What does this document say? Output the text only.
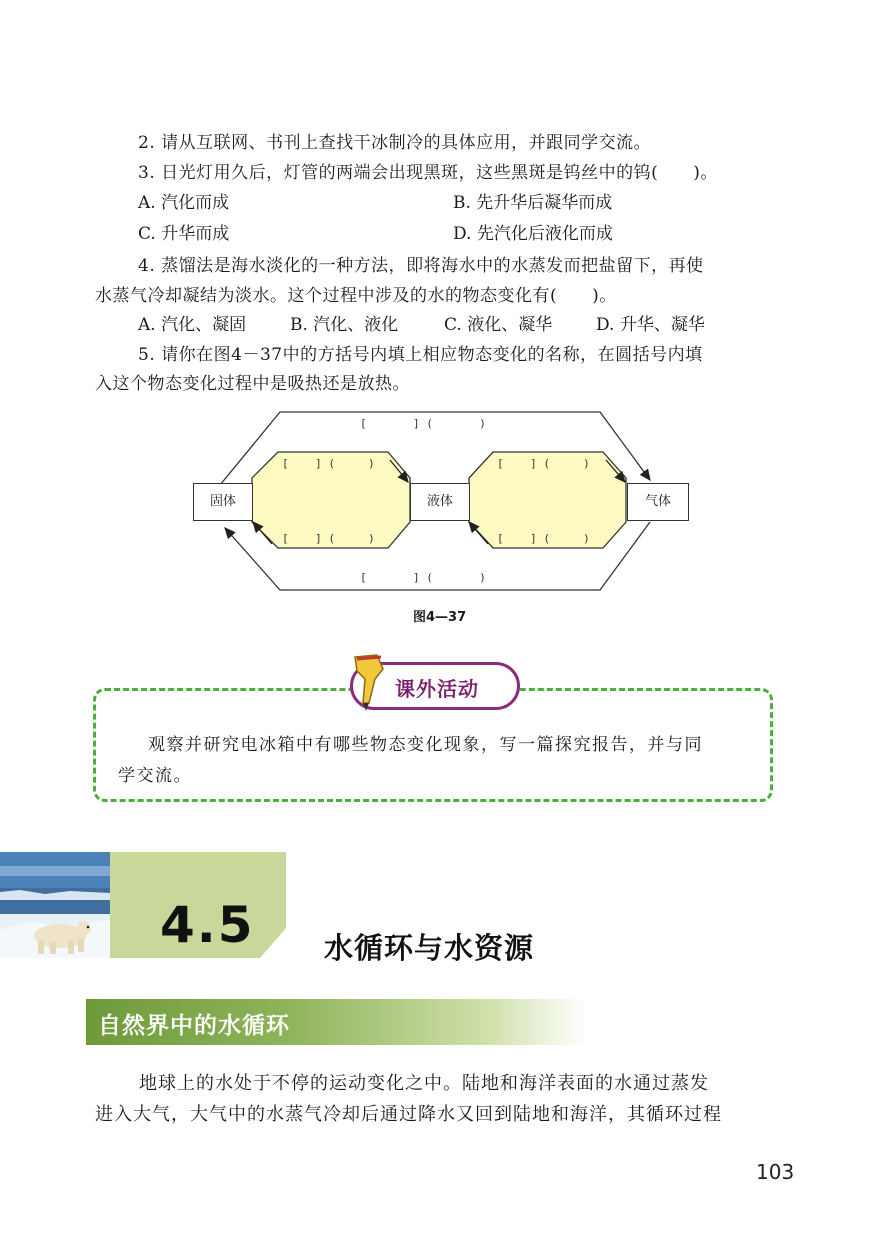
2. 请从互联网、书刊上查找干冰制冷的具体应用，并跟同学交流。
3. 日光灯用久后，灯管的两端会出现黑斑，这些黑斑是钨丝中的钨(　　)。
A. 汽化而成	B. 先升华后凝华而成
C. 升华而成	D. 先汽化后液化而成
4. 蒸馏法是海水淡化的一种方法，即将海水中的水蒸发而把盐留下，再使
水蒸气冷却凝结为淡水。这个过程中涉及的水的物态变化有(　　)。
A. 汽化、凝固	B. 汽化、液化	C. 液化、凝华	D. 升华、凝华
5. 请你在图4－37中的方括号内填上相应物态变化的名称，在圆括号内填
入这个物态变化过程中是吸热还是放热。
固体	液体	气体
[       ] (       )
[       ] (       )
[    ] (     )
[    ] (     )
[    ] (     )
[    ] (     )
图4—37
课外活动
观察并研究电冰箱中有哪些物态变化现象，写一篇探究报告，并与同
学交流。
4.5 水循环与水资源
自然界中的水循环
地球上的水处于不停的运动变化之中。陆地和海洋表面的水通过蒸发
进入大气，大气中的水蒸气冷却后通过降水又回到陆地和海洋，其循环过程
103
